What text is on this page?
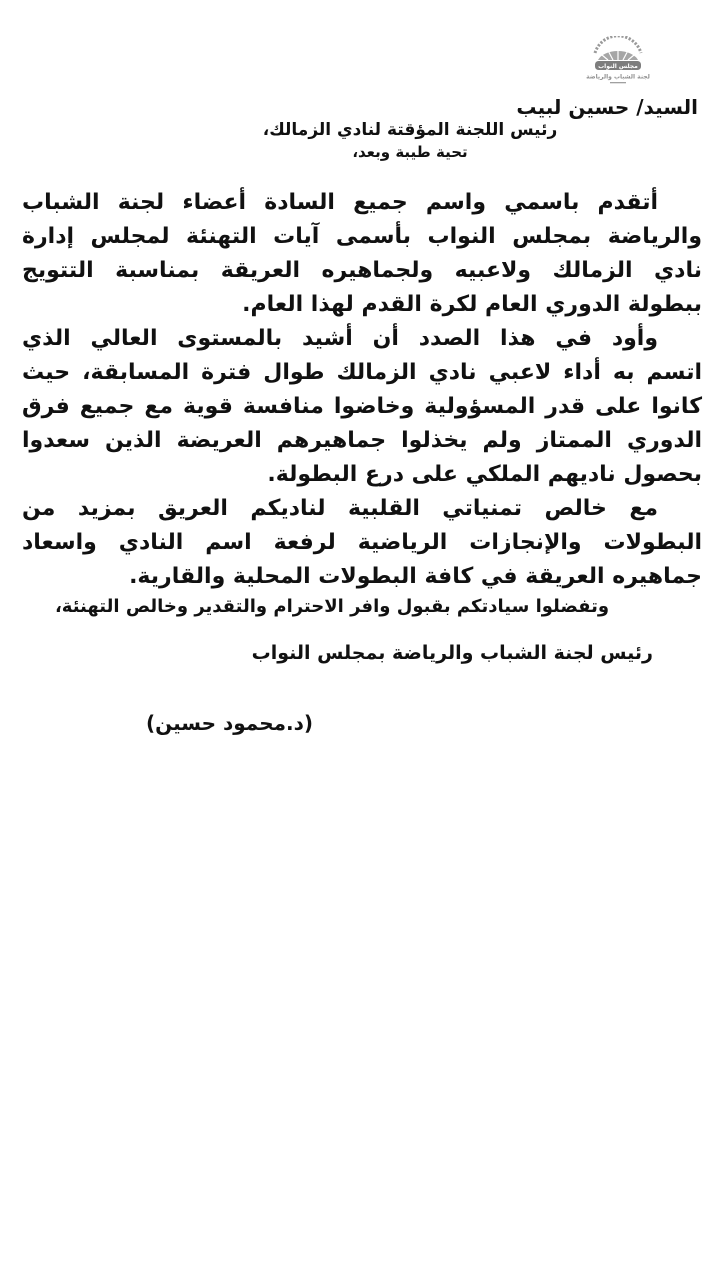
مجلس النواب
لجنة الشباب والرياضة
السيد/ حسين لبيب
رئيس اللجنة المؤقتة لنادي الزمالك،
تحية طيبة وبعد،
أتقدم باسمي واسم جميع السادة أعضاء لجنة الشباب
والرياضة بمجلس النواب بأسمى آيات التهنئة لمجلس إدارة
نادي الزمالك ولاعبيه ولجماهيره العريقة بمناسبة التتويج
ببطولة الدوري العام لكرة القدم لهذا العام.
وأود في هذا الصدد أن أشيد بالمستوى العالي الذي
اتسم به أداء لاعبي نادي الزمالك طوال فترة المسابقة، حيث
كانوا على قدر المسؤولية وخاضوا منافسة قوية مع جميع فرق
الدوري الممتاز ولم يخذلوا جماهيرهم العريضة الذين سعدوا
بحصول ناديهم الملكي على درع البطولة.
مع خالص تمنياتي القلبية لناديكم العريق بمزيد من
البطولات والإنجازات الرياضية لرفعة اسم النادي واسعاد
جماهيره العريقة في كافة البطولات المحلية والقارية.
وتفضلوا سيادتكم بقبول وافر الاحترام والتقدير وخالص التهنئة،
رئيس لجنة الشباب والرياضة بمجلس النواب
(د.محمود حسين)
